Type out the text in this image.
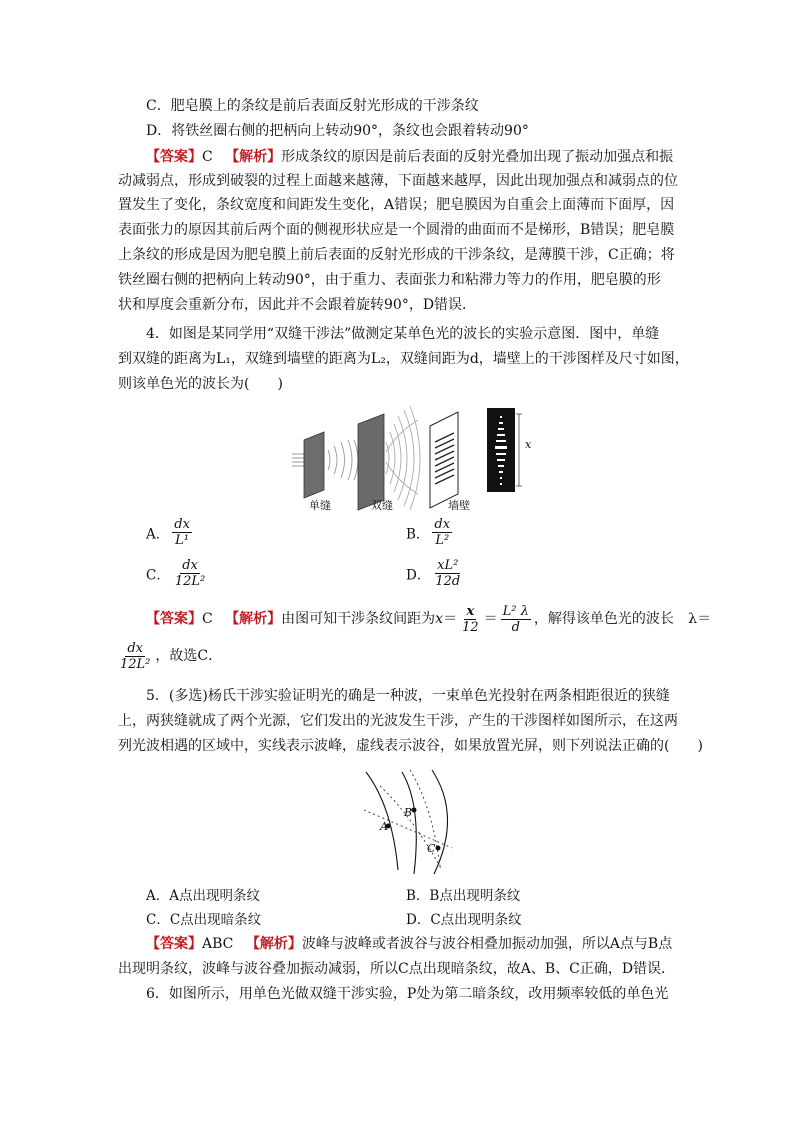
C．肥皂膜上的条纹是前后表面反射光形成的干涉条纹
D．将铁丝圈右侧的把柄向上转动90°，条纹也会跟着转动90°
【答案】C 【解析】形成条纹的原因是前后表面的反射光叠加出现了振动加强点和振
动减弱点，形成到破裂的过程上面越来越薄，下面越来越厚，因此出现加强点和减弱点的位
置发生了变化，条纹宽度和间距发生变化，A错误；肥皂膜因为自重会上面薄而下面厚，因
表面张力的原因其前后两个面的侧视形状应是一个圆滑的曲面而不是梯形，B错误；肥皂膜
上条纹的形成是因为肥皂膜上前后表面的反射光形成的干涉条纹，是薄膜干涉，C正确；将
铁丝圈右侧的把柄向上转动90°，由于重力、表面张力和粘滞力等力的作用，肥皂膜的形
状和厚度会重新分布，因此并不会跟着旋转90°，D错误．
4．如图是某同学用“双缝干涉法”做测定某单色光的波长的实验示意图．图中，单缝
到双缝的距离为L₁，双缝到墙壁的距离为L₂，双缝间距为d，墙壁上的干涉图样及尺寸如图，
则该单色光的波长为(　　)
x
单缝	双缝	墙壁
A． $\frac{dx}{\text{L¹}}$	B． $\frac{dx}{\text{L²}}$
C． $\frac{dx}{\text{12L²}}$	D． $\frac{\text{xL²}}{12d}$
【答案】C 【解析】由图可知干涉条纹间距为$x= \frac{x}{12} = \frac{\text{L² λ}}{d}$ ，解得该单色光的波长 λ＝
$\frac{dx}{\text{12L²}}$ ，故选C．
5．(多选)杨氏干涉实验证明光的确是一种波，一束单色光投射在两条相距很近的狭缝
上，两狭缝就成了两个光源，它们发出的光波发生干涉，产生的干涉图样如图所示，在这两
列光波相遇的区域中，实线表示波峰，虚线表示波谷，如果放置光屏，则下列说法正确的(　　)
A
B
C
A．A点出现明条纹	B．B点出现明条纹
C．C点出现暗条纹	D．C点出现明条纹
【答案】ABC 【解析】波峰与波峰或者波谷与波谷相叠加振动加强，所以A点与B点
出现明条纹，波峰与波谷叠加振动减弱，所以C点出现暗条纹，故A、B、C正确，D错误．
6．如图所示，用单色光做双缝干涉实验，P处为第二暗条纹，改用频率较低的单色光
